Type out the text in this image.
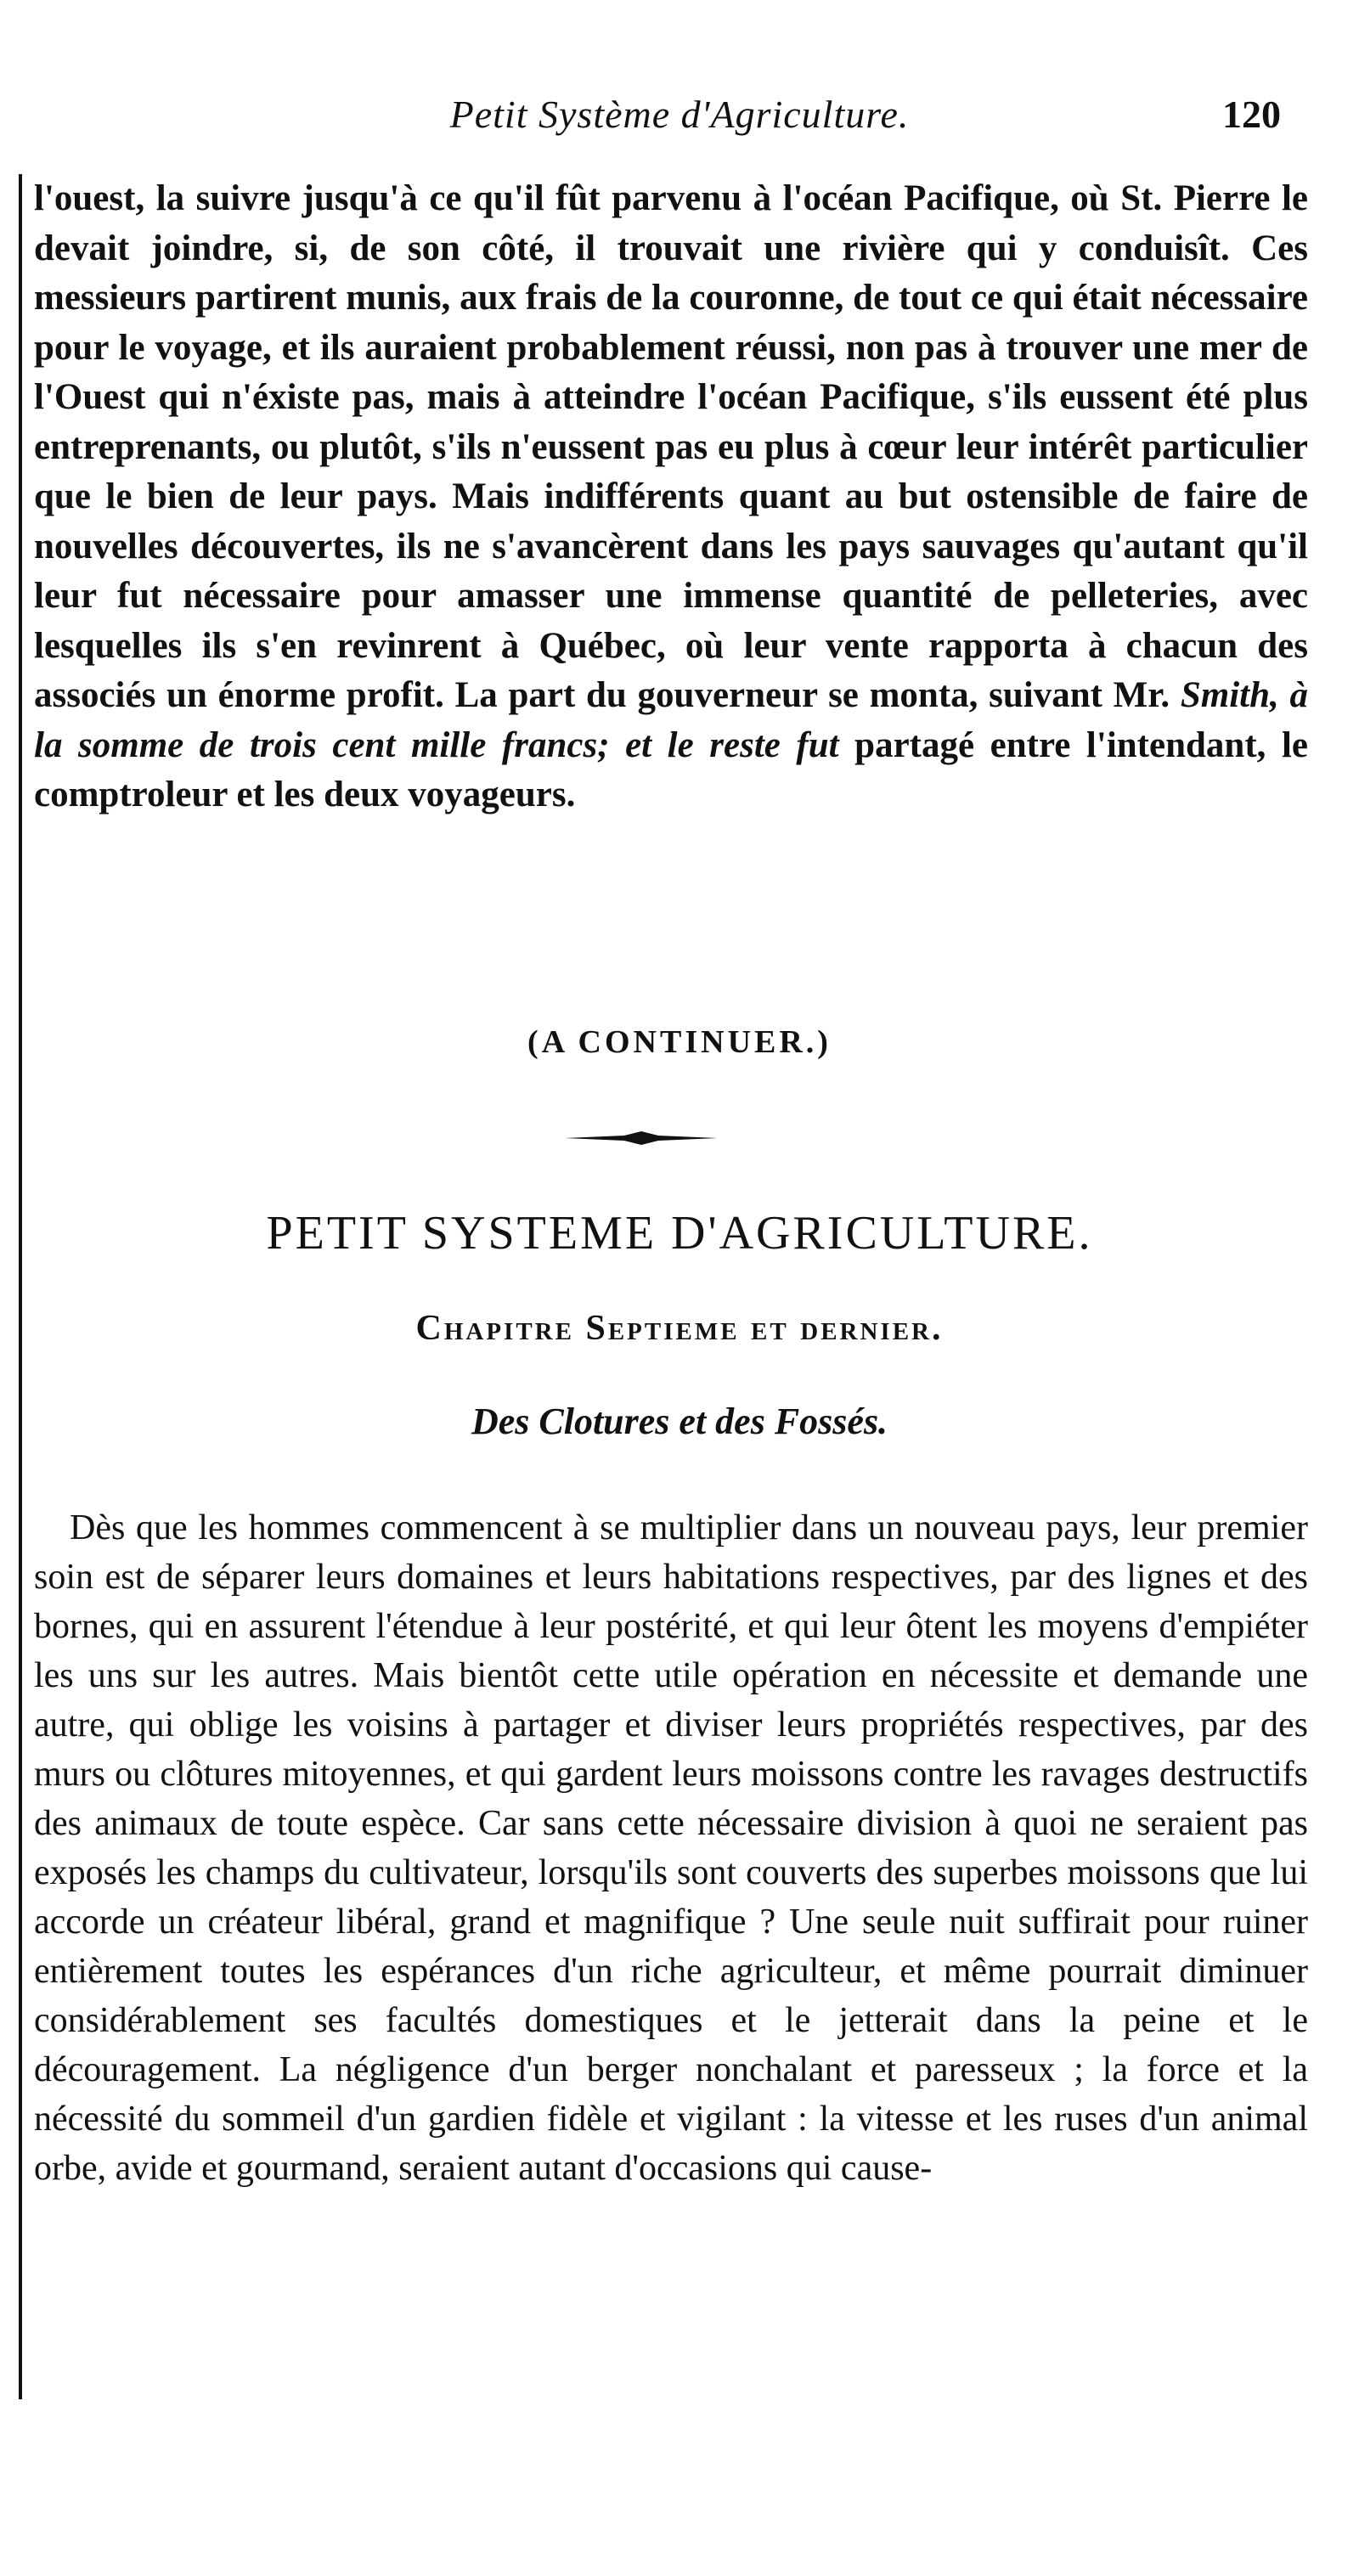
Petit Système d'Agriculture.	120

l'ouest, la suivre jusqu'à ce qu'il fût parvenu à l'océan Pacifique, où St. Pierre le devait joindre, si, de son côté, il trouvait une rivière qui y conduisît. Ces messieurs partirent munis, aux frais de la couronne, de tout ce qui était nécessaire pour le voyage, et ils auraient probablement réussi, non pas à trouver une mer de l'Ouest qui n'éxiste pas, mais à atteindre l'océan Pacifique, s'ils eussent été plus entreprenants, ou plutôt, s'ils n'eussent pas eu plus à cœur leur intérêt particulier que le bien de leur pays. Mais indifférents quant au but ostensible de faire de nouvelles découvertes, ils ne s'avancèrent dans les pays sauvages qu'autant qu'il leur fut nécessaire pour amasser une immense quantité de pelleteries, avec lesquelles ils s'en revinrent à Québec, où leur vente rapporta à chacun des associés un énorme profit. La part du gouverneur se monta, suivant Mr. Smith, à la somme de trois cent mille francs; et le reste fut partagé entre l'intendant, le comptroleur et les deux voyageurs.

(A CONTINUER.)
PETIT SYSTEME D'AGRICULTURE.
Chapitre Septieme et dernier.
Des Clotures et des Fossés.

Dès que les hommes commencent à se multiplier dans un nouveau pays, leur premier soin est de séparer leurs domaines et leurs habitations respectives, par des lignes et des bornes, qui en assurent l'étendue à leur postérité, et qui leur ôtent les moyens d'empiéter les uns sur les autres. Mais bientôt cette utile opération en nécessite et demande une autre, qui oblige les voisins à partager et diviser leurs propriétés respectives, par des murs ou clôtures mitoyennes, et qui gardent leurs moissons contre les ravages destructifs des animaux de toute espèce. Car sans cette nécessaire division à quoi ne seraient pas exposés les champs du cultivateur, lorsqu'ils sont couverts des superbes moissons que lui accorde un créateur libéral, grand et magnifique ? Une seule nuit suffirait pour ruiner entièrement toutes les espérances d'un riche agriculteur, et même pourrait diminuer considérablement ses facultés domestiques et le jetterait dans la peine et le découragement. La négligence d'un berger nonchalant et paresseux ; la force et la nécessité du sommeil d'un gardien fidèle et vigilant : la vitesse et les ruses d'un animal orbe, avide et gourmand, seraient autant d'occasions qui cause-
